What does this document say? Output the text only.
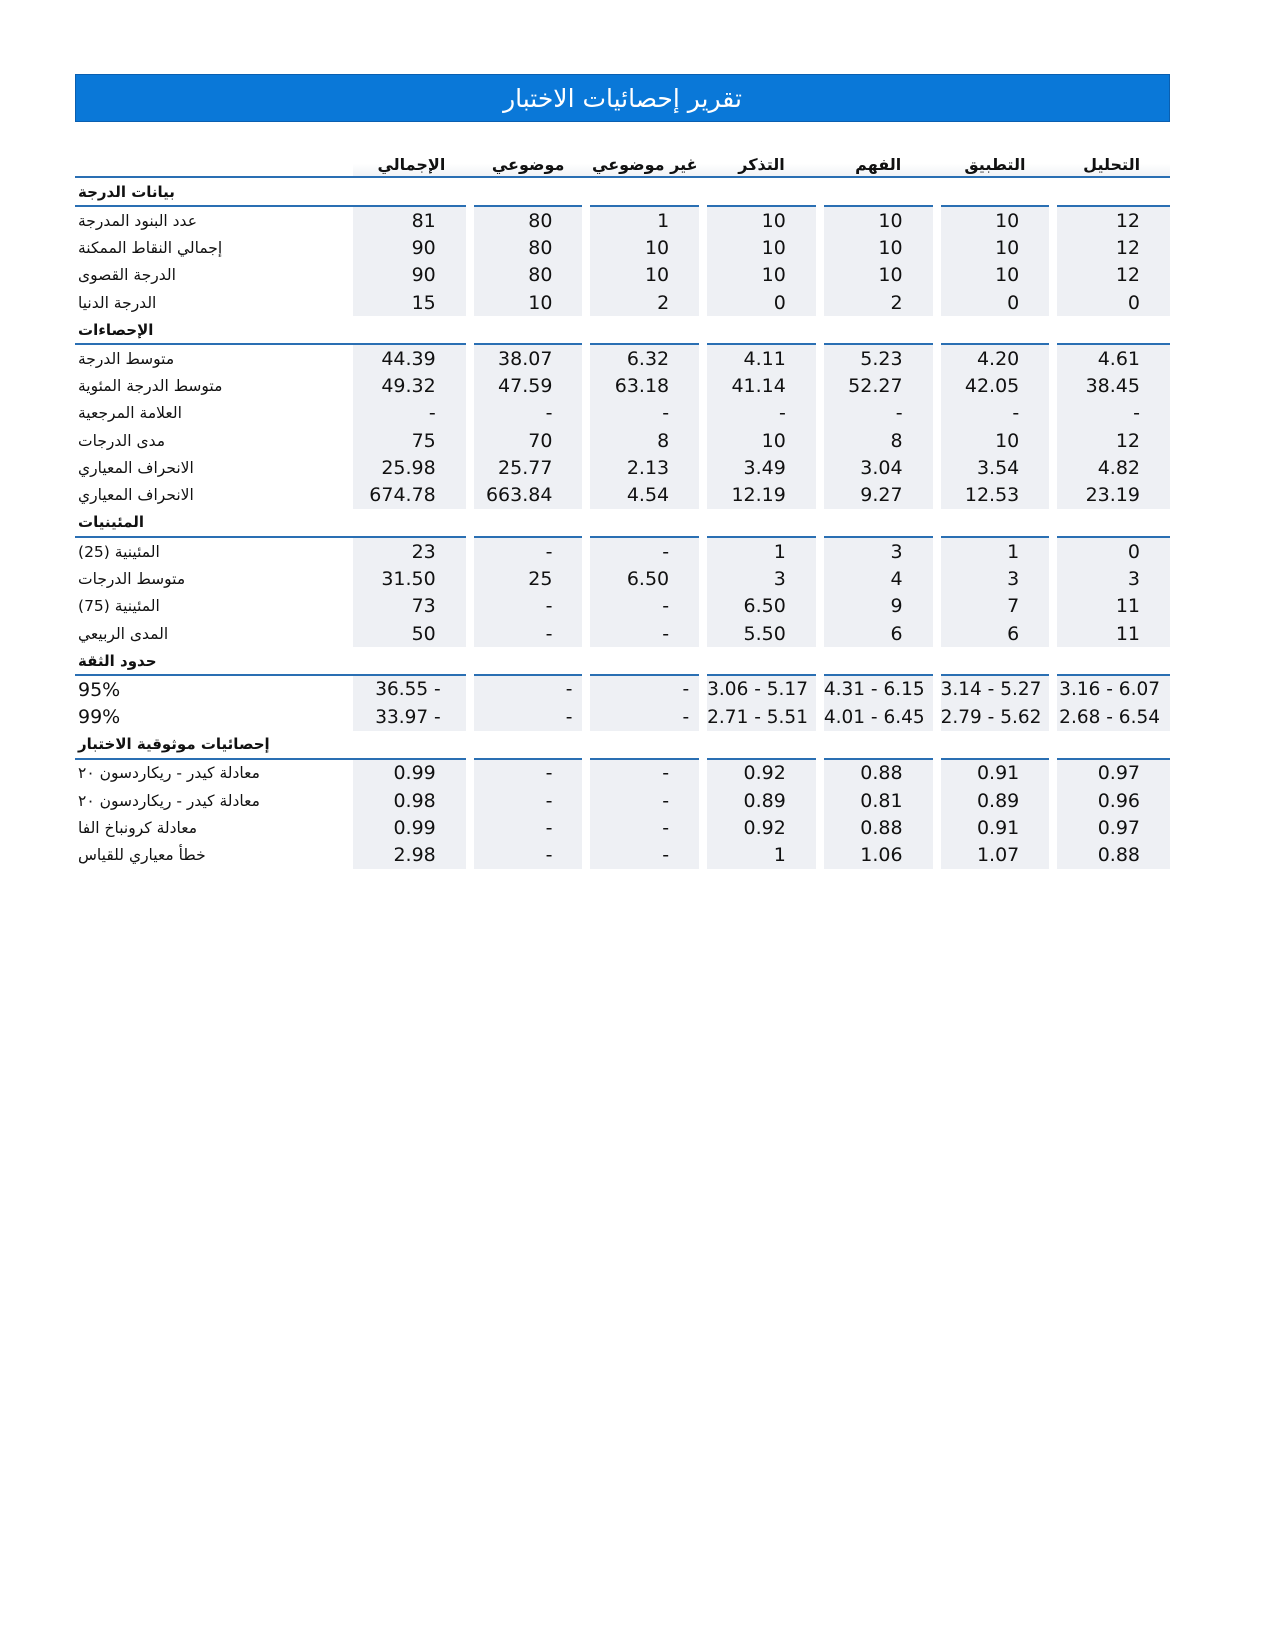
تقرير إحصائيات الاختبار
	الإجمالي	موضوعي	غير موضوعي	التذكر	الفهم	التطبيق	التحليل
بيانات الدرجة							
عدد البنود المدرجة	81	80	1	10	10	10	12
إجمالي النقاط الممكنة	90	80	10	10	10	10	12
الدرجة القصوى	90	80	10	10	10	10	12
الدرجة الدنيا	15	10	2	0	2	0	0
الإحصاءات							
متوسط الدرجة	44.39	38.07	6.32	4.11	5.23	4.20	4.61
متوسط الدرجة المئوية	49.32	47.59	63.18	41.14	52.27	42.05	38.45
العلامة المرجعية	-	-	-	-	-	-	-
مدى الدرجات	75	70	8	10	8	10	12
الانحراف المعياري	25.98	25.77	2.13	3.49	3.04	3.54	4.82
الانحراف المعياري	674.78	663.84	4.54	12.19	9.27	12.53	23.19
المئينيات							
المئينية (25)	23	-	-	1	3	1	0
متوسط الدرجات	31.50	25	6.50	3	4	3	3
المئينية (75)	73	-	-	6.50	9	7	11
المدى الربيعي	50	-	-	5.50	6	6	11
حدود الثقة							
95%	36.55 -	-	-	3.06 - 5.17	4.31 - 6.15	3.14 - 5.27	3.16 - 6.07
99%	33.97 -	-	-	2.71 - 5.51	4.01 - 6.45	2.79 - 5.62	2.68 - 6.54
إحصائيات موثوقية الاختبار							
معادلة كيدر - ريكاردسون ٢٠	0.99	-	-	0.92	0.88	0.91	0.97
معادلة كيدر - ريكاردسون ٢٠	0.98	-	-	0.89	0.81	0.89	0.96
معادلة كرونباخ الفا	0.99	-	-	0.92	0.88	0.91	0.97
خطأ معياري للقياس	2.98	-	-	1	1.06	1.07	0.88
